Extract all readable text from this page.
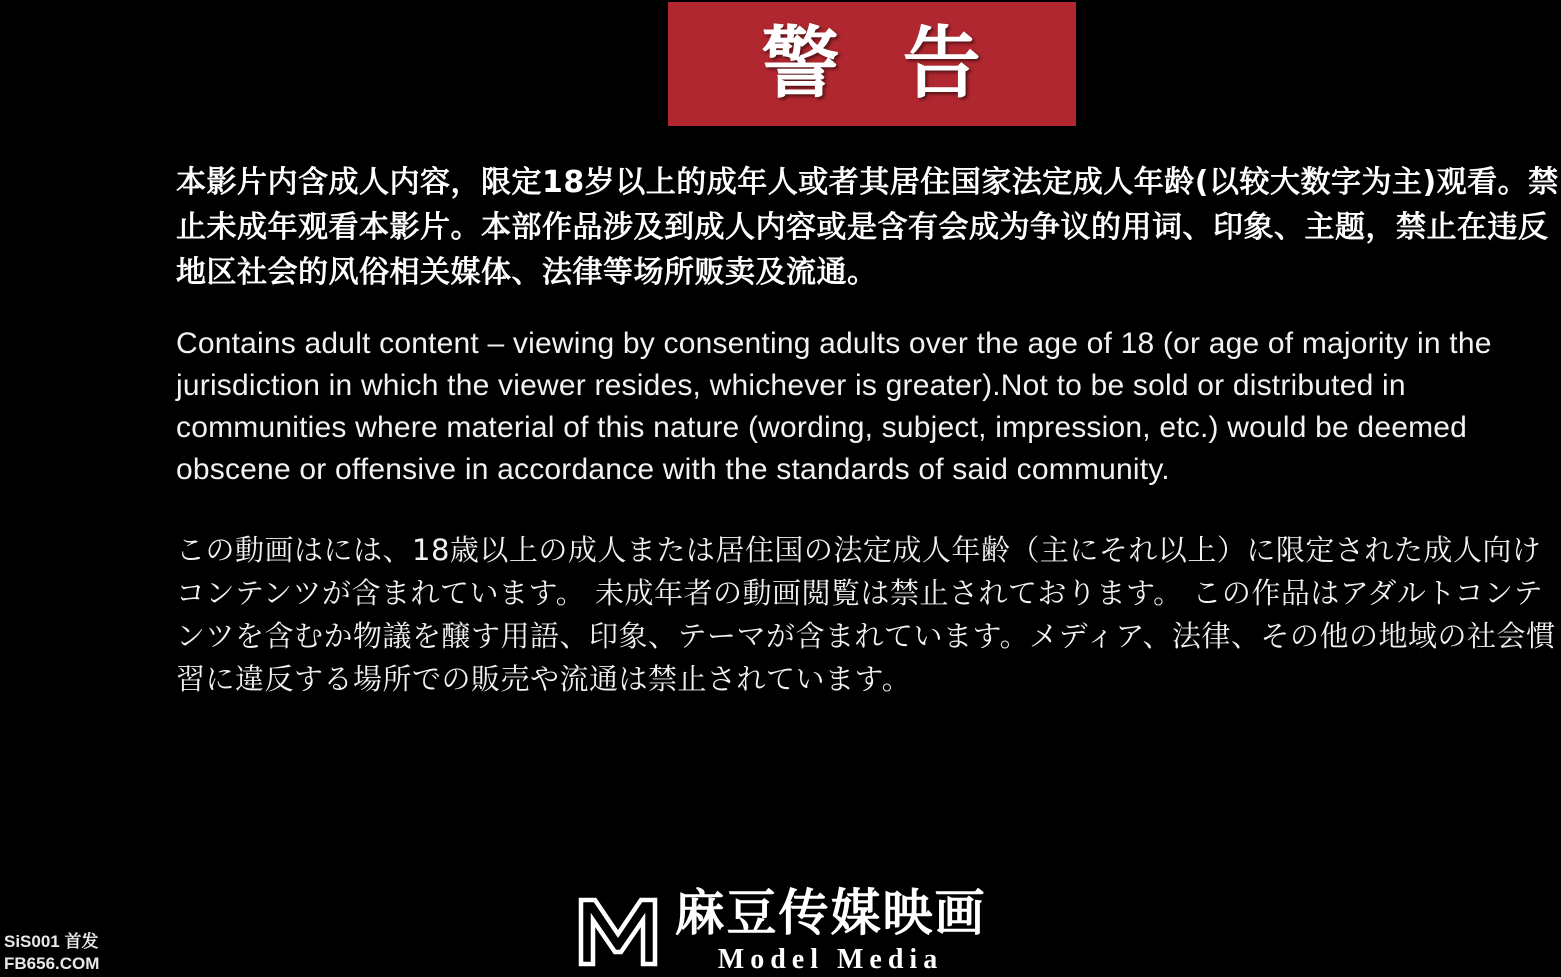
警 告

本影片内含成人内容，限定18岁以上的成年人或者其居住国家法定成人年龄(以较大数字为主)观看。禁止未成年观看本影片。本部作品涉及到成人内容或是含有会成为争议的用词、印象、主题，禁止在违反地区社会的风俗相关媒体、法律等场所贩卖及流通。

Contains adult content – viewing by consenting adults over the age of 18 (or age of majority in the jurisdiction in which the viewer resides, whichever is greater).Not to be sold or distributed in communities where material of this nature (wording, subject, impression, etc.) would be deemed obscene or offensive in accordance with the standards of said community.

この動画はには、18歳以上の成人または居住国の法定成人年齢（主にそれ以上）に限定された成人向けコンテンツが含まれています。 未成年者の動画閲覧は禁止されております。 この作品はアダルトコンテンツを含むか物議を醸す用語、印象、テーマが含まれています。メディア、法律、その他の地域の社会慣習に違反する場所での販売や流通は禁止されています。

SiS001 首发
FB656.COM
麻豆传媒映画
Model Media
